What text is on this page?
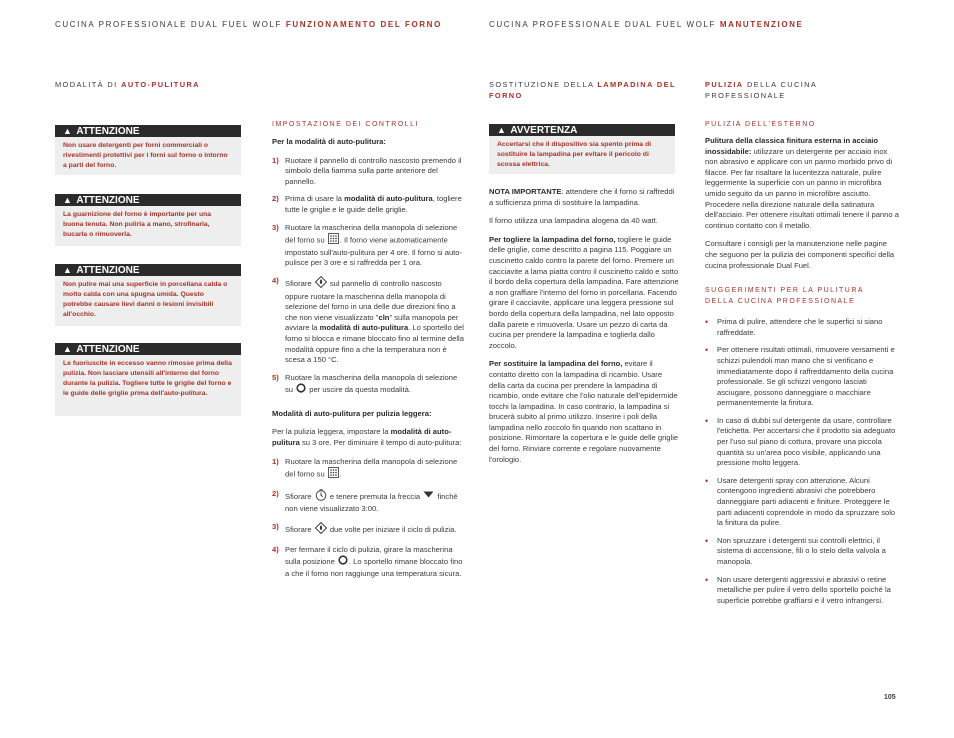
CUCINA PROFESSIONALE DUAL FUEL WOLF FUNZIONAMENTO DEL FORNO	CUCINA PROFESSIONALE DUAL FUEL WOLF MANUTENZIONE
MODALITÀ DI AUTO-PULITURA
▲ ATTENZIONE
Non usare detergenti per forni commerciali o rivestimenti protettivi per i forni sul forno o intorno a parti del forno.
▲ ATTENZIONE
La guarnizione del forno è importante per una buona tenuta. Non pulirla a mano, strofinarla, bucarla o rimuoverla.
▲ ATTENZIONE
Non pulire mai una superficie in porcellana calda o molto calda con una spugna umida. Questo potrebbe causare lievi danni o lesioni invisibili all'occhio.
▲ ATTENZIONE
Le fuoriuscite in eccesso vanno rimosse prima della pulizia. Non lasciare utensili all'interno del forno durante la pulizia. Togliere tutte le griglie del forno e le guide delle griglie prima dell'auto-pulitura.
IMPOSTAZIONE DEI CONTROLLI

Per la modalità di auto-pulitura:

1) Ruotare il pannello di controllo nascosto premendo il simbolo della fiamma sulla parte anteriore del pannello.
2) Prima di usare la modalità di auto-pulitura, togliere tutte le griglie e le guide delle griglie.
3) Ruotare la mascherina della manopola di selezione del forno su . Il forno viene automaticamente impostato sull'auto-pulitura per 4 ore. Il forno si auto-pulisce per 3 ore e si raffredda per 1 ora.
4) Sfiorare  sul pannello di controllo nascosto oppure ruotare la mascherina della manopola di selezione del forno in una delle due direzioni fino a che non viene visualizzato "cln" sulla manopola per avviare la modalità di auto-pulitura. Lo sportello del forno si blocca e rimane bloccato fino al termine della modalità oppure fino a che la temperatura non è scesa a 150 °C.
5) Ruotare la mascherina della manopola di selezione su  per uscire da questa modalità.

Modalità di auto-pulitura per pulizia leggera:

Per la pulizia leggera, impostare la modalità di auto-pulitura su 3 ore. Per diminuire il tempo di auto-pulitura:

1) Ruotare la mascherina della manopola di selezione del forno su .
2) Sfiorare  e tenere premuta la freccia  finché non viene visualizzato 3:00.
3) Sfiorare  due volte per iniziare il ciclo di pulizia.
4) Per fermare il ciclo di pulizia, girare la mascherina sulla posizione . Lo sportello rimane bloccato fino a che il forno non raggiunge una temperatura sicura.
SOSTITUZIONE DELLA LAMPADINA DEL FORNO
▲ AVVERTENZA
Accertarsi che il dispositivo sia spento prima di sostituire la lampadina per evitare il pericolo di scossa elettrica.

NOTA IMPORTANTE: attendere che il forno si raffreddi a sufficienza prima di sostituire la lampadina.

Il forno utilizza una lampadina alogena da 40 watt.

Per togliere la lampadina del forno, togliere le guide delle griglie, come descritto a pagina 115. Poggiare un cuscinetto caldo contro la parete del forno. Premere un cacciavite a lama piatta contro il cuscinetto caldo e sotto il bordo della copertura della lampadina. Fare attenzione a non graffiare l'interno del forno in porcellana. Facendo girare il cacciavite, applicare una leggera pressione sul bordo della copertura della lampadina, nel lato opposto dalla parete e rimuoverla. Usare un pezzo di carta da cucina per prendere la lampadina e toglierla dallo zoccolo.

Per sostituire la lampadina del forno, evitare il contatto diretto con la lampadina di ricambio. Usare della carta da cucina per prendere la lampadina di ricambio, onde evitare che l'olio naturale dell'epidermide tocchi la lampadina. In caso contrario, la lampadina si brucerà subito al primo utilizzo. Inserire i poli della lampadina nello zoccolo fin quando non scattano in posizione. Rimontare la copertura e le guide delle griglie del forno. Rinviare corrente e regolare nuovamente l'orologio.

PULIZIA DELLA CUCINA PROFESSIONALE
PULIZIA DELL'ESTERNO

Pulitura della classica finitura esterna in acciaio inossidabile: utilizzare un detergente per acciaio inox non abrasivo e applicare con un panno morbido privo di filacce. Per far risaltare la lucentezza naturale, pulire leggermente la superficie con un panno in microfibra umido seguito da un panno in microfibre asciutto. Procedere nella direzione naturale della satinatura dell'acciaio. Per ottenere risultati ottimali tenere il panno a continuo contatto con il metallo.

Consultare i consigli per la manutenzione nelle pagine che seguono per la pulizia dei componenti specifici della cucina professionale Dual Fuel.

SUGGERIMENTI PER LA PULITURA
DELLA CUCINA PROFESSIONALE
•	Prima di pulire, attendere che le superfici si siano raffreddate.
•	Per ottenere risultati ottimali, rimuovere versamenti e schizzi pulendoli man mano che si verificano e immediatamente dopo il raffreddamento della cucina professionale. Se gli schizzi vengono lasciati asciugare, possono danneggiare o macchiare permanentemente la finitura.
•	In caso di dubbi sul detergente da usare, controllare l'etichetta. Per accertarsi che il prodotto sia adeguato per l'uso sul piano di cottura, provare una piccola quantità su un'area poco visibile, applicando una pressione molto leggera.
•	Usare detergenti spray con attenzione. Alcuni contengono ingredienti abrasivi che potrebbero danneggiare parti adiacenti e finiture. Proteggere le parti adiacenti coprendole in modo da spruzzare solo la finitura da pulire.
•	Non spruzzare i detergenti sui controlli elettrici, il sistema di accensione, fili o lo stelo della valvola a manopola.
•	Non usare detergenti aggressivi e abrasivi o retine metalliche per pulire il vetro dello sportello poiché la superficie potrebbe graffiarsi e il vetro infrangersi.
105
